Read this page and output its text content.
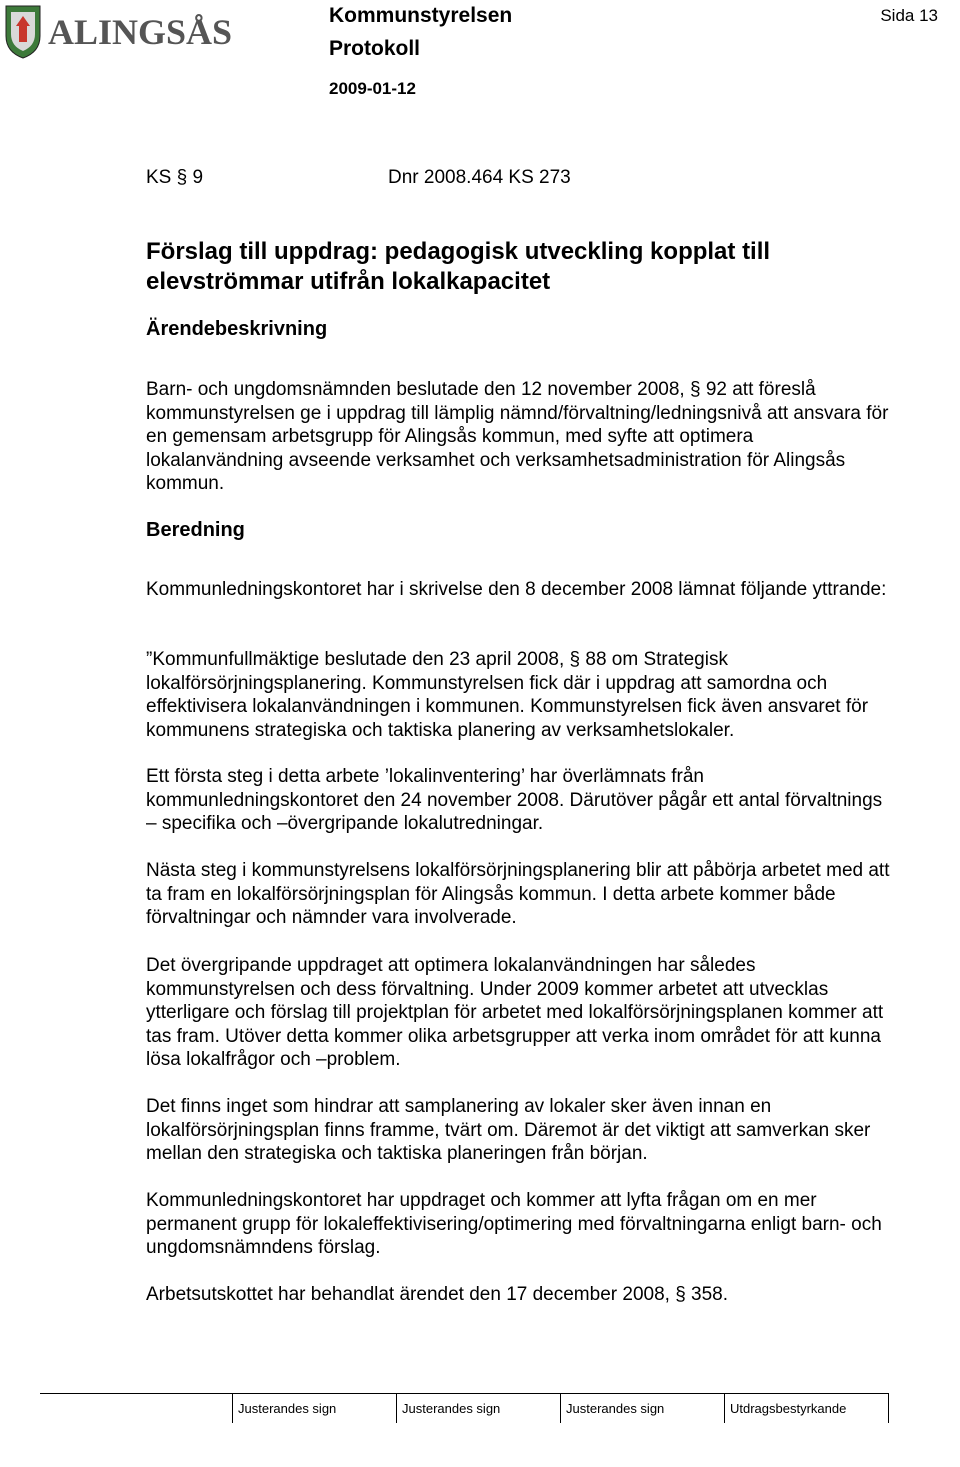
ALINGSÅS	Kommunstyrelsen
Protokoll
2009-01-12
Sida 13
KS § 9	Dnr 2008.464 KS 273
Förslag till uppdrag: pedagogisk utveckling kopplat till elevströmmar utifrån lokalkapacitet
Ärendebeskrivning
Barn- och ungdomsnämnden beslutade den 12 november 2008, § 92 att föreslå kommunstyrelsen ge i uppdrag till lämplig nämnd/förvaltning/ledningsnivå att ansvara för en gemensam arbetsgrupp för Alingsås kommun, med syfte att optimera lokalanvändning avseende verksamhet och verksamhetsadministration för Alingsås kommun.
Beredning
Kommunledningskontoret har i skrivelse den 8 december 2008 lämnat följande yttrande:
”Kommunfullmäktige beslutade den 23 april 2008, § 88 om Strategisk lokalförsörjningsplanering. Kommunstyrelsen fick där i uppdrag att samordna och effektivisera lokalanvändningen i kommunen. Kommunstyrelsen fick även ansvaret för kommunens strategiska och taktiska planering av verksamhetslokaler.
Ett första steg i detta arbete ’lokalinventering’ har överlämnats från kommunledningskontoret den 24 november 2008. Därutöver pågår ett antal förvaltnings – specifika och –övergripande lokalutredningar.
Nästa steg i kommunstyrelsens lokalförsörjningsplanering blir att påbörja arbetet med att ta fram en lokalförsörjningsplan för Alingsås kommun. I detta arbete kommer både förvaltningar och nämnder vara involverade.
Det övergripande uppdraget att optimera lokalanvändningen har således kommunstyrelsen och dess förvaltning. Under 2009 kommer arbetet att utvecklas ytterligare och förslag till projektplan för arbetet med lokalförsörjningsplanen kommer att tas fram. Utöver detta kommer olika arbetsgrupper att verka inom området för att kunna lösa lokalfrågor och –problem.
Det finns inget som hindrar att samplanering av lokaler sker även innan en lokalförsörjningsplan finns framme, tvärt om. Däremot är det viktigt att samverkan sker mellan den strategiska och taktiska planeringen från början.
Kommunledningskontoret har uppdraget och kommer att lyfta frågan om en mer permanent grupp för lokaleffektivisering/optimering med förvaltningarna enligt barn- och ungdomsnämndens förslag.
Arbetsutskottet har behandlat ärendet den 17 december 2008, § 358.
Justerandes sign	Justerandes sign	Justerandes sign	Utdragsbestyrkande
